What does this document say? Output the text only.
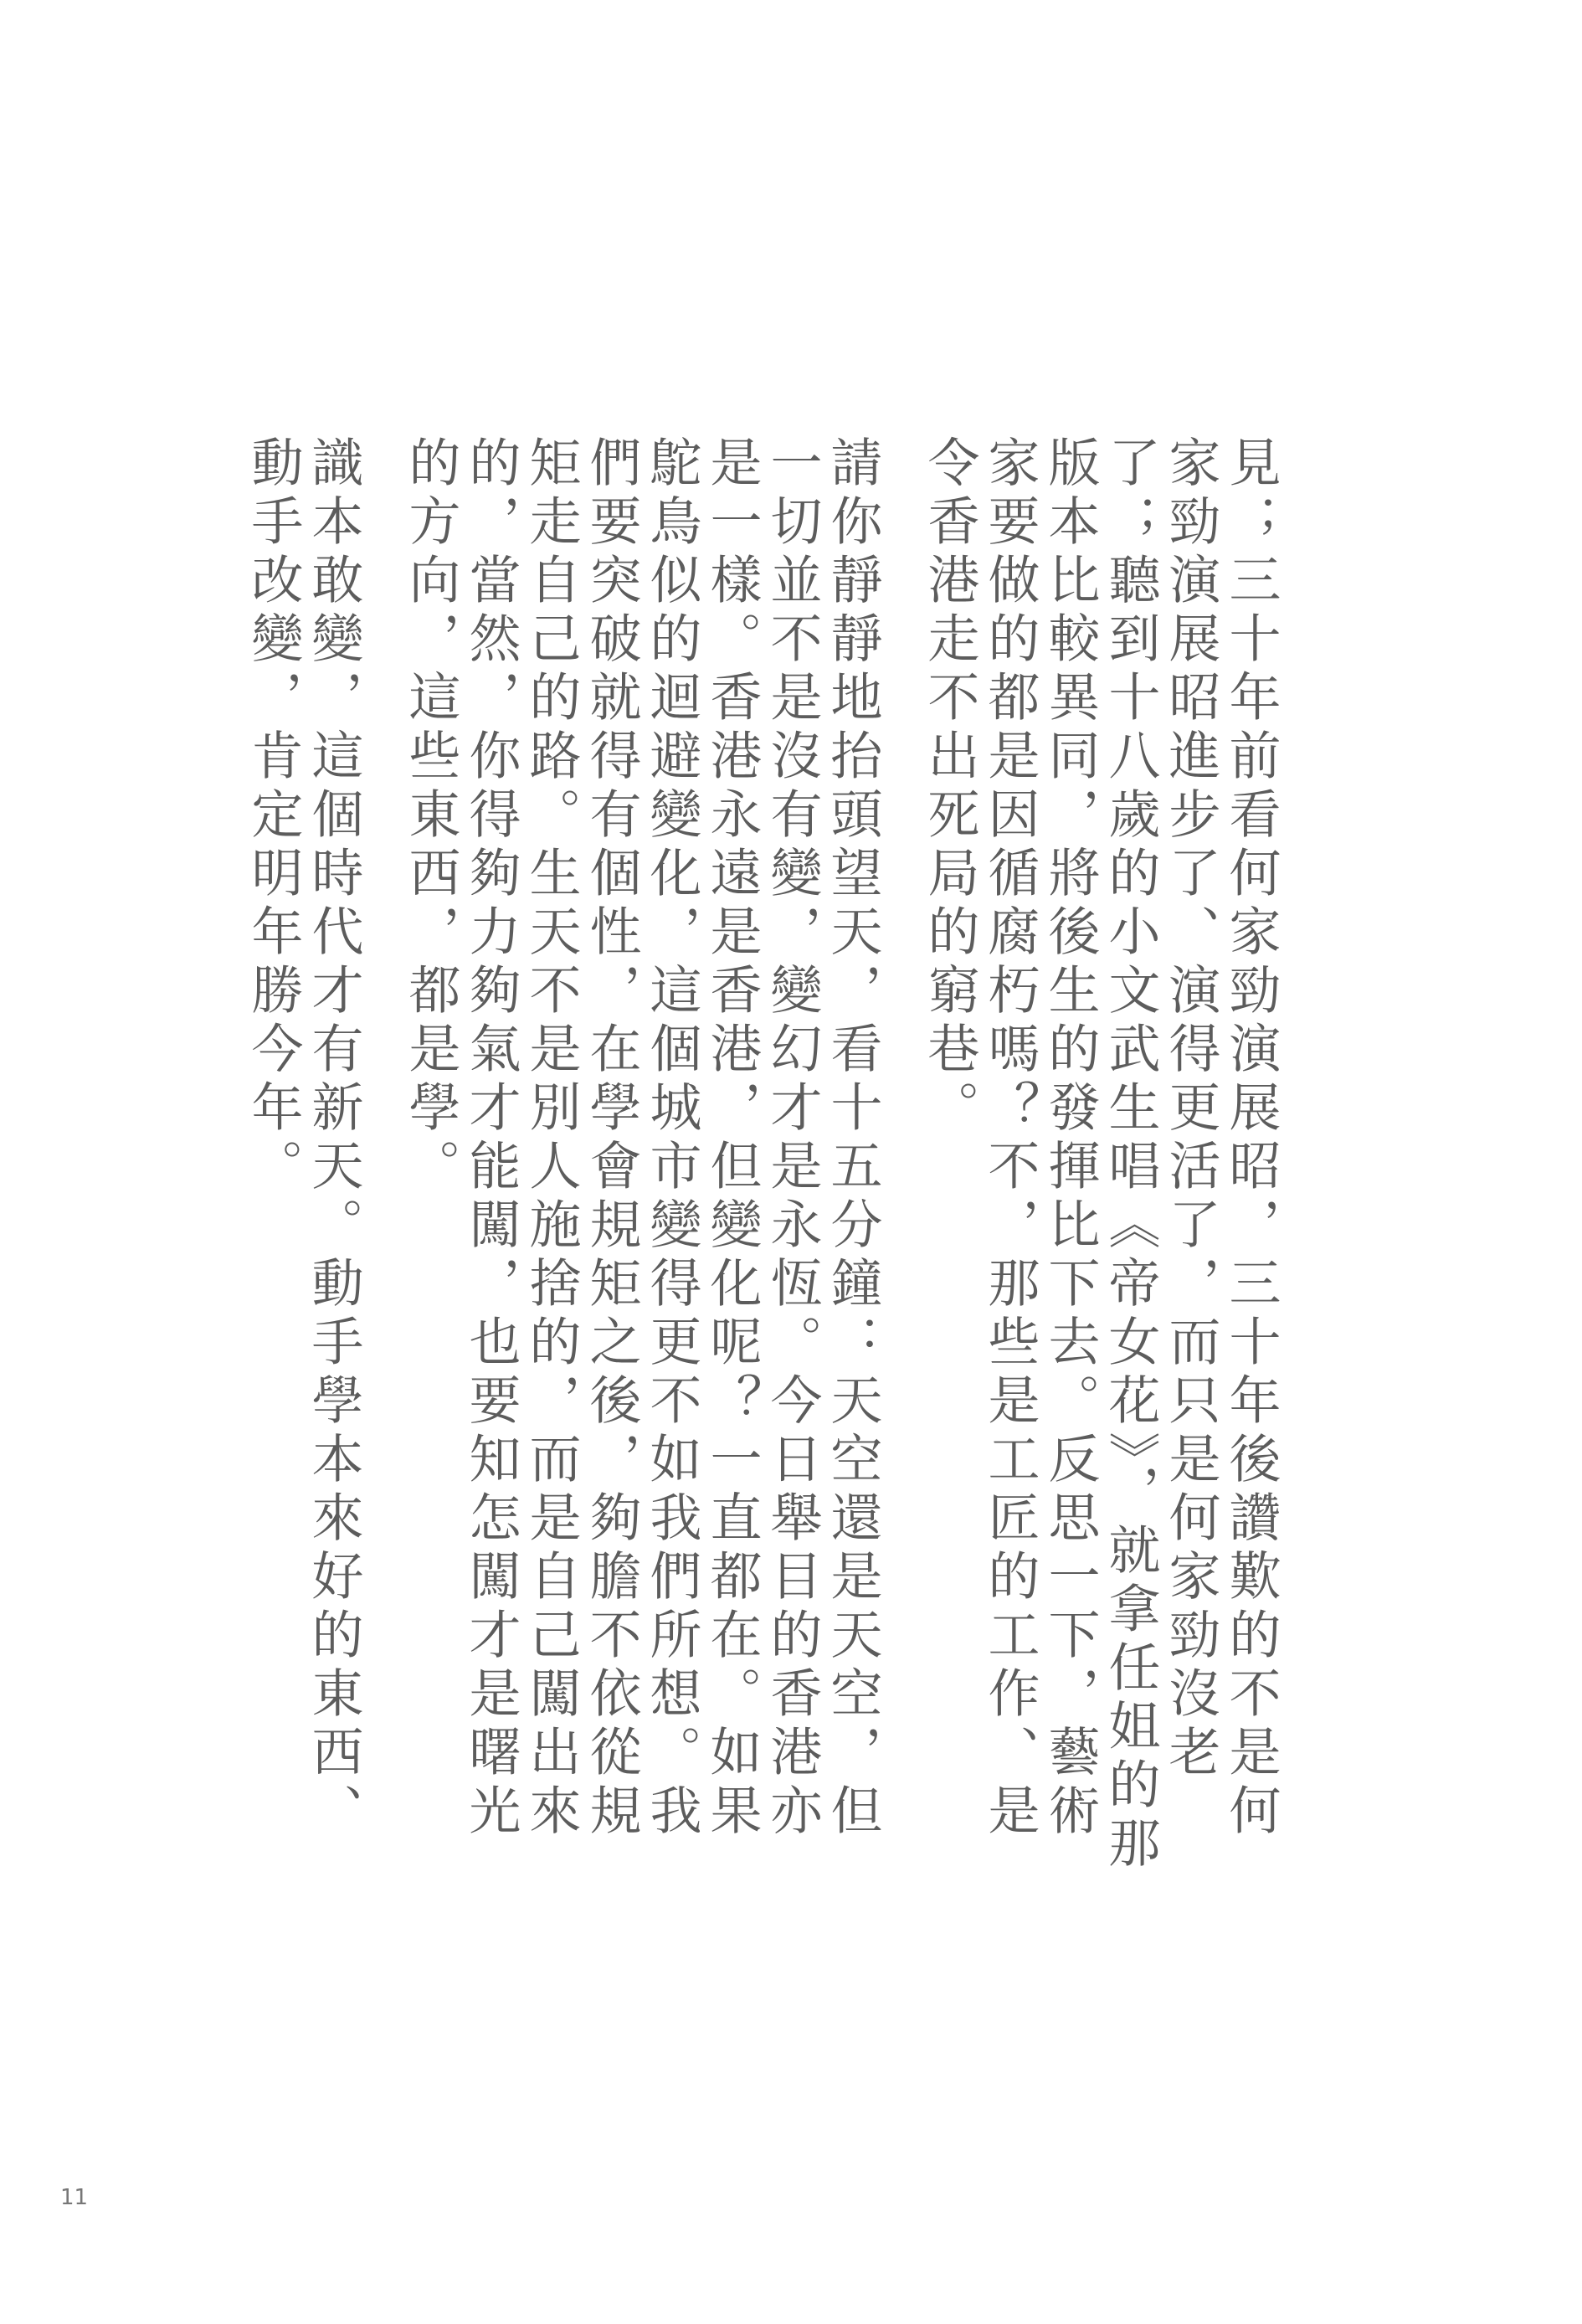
見；三十年前看何家勁演展昭，三十年後讚歎的不是何家勁演展昭進步了、演得更活了，而只是何家勁沒老了；聽到十八歲的小文武生唱《帝女花》，就拿任姐的那版本比較異同，將後生的發揮比下去。反思一下，藝術家要做的都是因循腐朽嗎？不，那些是工匠的工作、是令香港走不出死局的窮巷。

請你靜靜地抬頭望天，看十五分鐘：天空還是天空，但一切並不是沒有變，變幻才是永恆。今日舉目的香港亦是一樣。香港永遠是香港，但變化呢？一直都在。如果鴕鳥似的迴避變化，這個城市變得更不如我們所想。我們要突破就得有個性，在學會規矩之後，夠膽不依從規矩走自己的路。生天不是別人施捨的，而是自己闖出來的，當然，你得夠力夠氣才能闖，也要知怎闖才是曙光的方向，這些東西，都是學。

識本敢變，這個時代才有新天。動手學本來好的東西、動手改變，肯定明年勝今年。

11
